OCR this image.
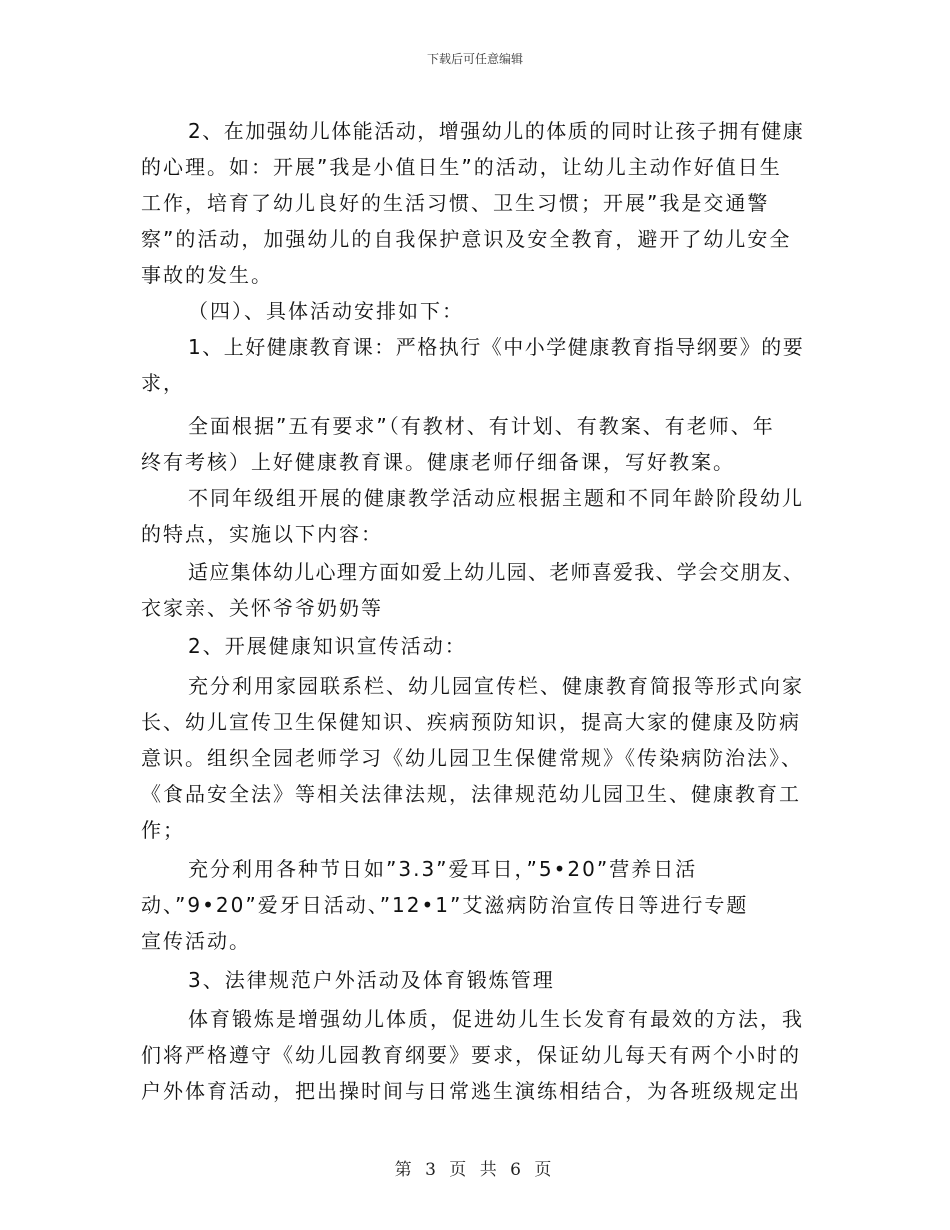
下载后可任意编辑
2、在加强幼儿体能活动，增强幼儿的体质的同时让孩子拥有健康
的心理。如：开展”我是小值日生”的活动，让幼儿主动作好值日生
工作，培育了幼儿良好的生活习惯、卫生习惯；开展”我是交通警
察”的活动，加强幼儿的自我保护意识及安全教育，避开了幼儿安全
事故的发生。
（四）、具体活动安排如下：
1、上好健康教育课：严格执行《中小学健康教育指导纲要》的要
求，
全面根据”五有要求”（有教材、有计划、有教案、有老师、年
终有考核）上好健康教育课。健康老师仔细备课，写好教案。
不同年级组开展的健康教学活动应根据主题和不同年龄阶段幼儿
的特点，实施以下内容：
适应集体幼儿心理方面如爱上幼儿园、老师喜爱我、学会交朋友、
衣家亲、关怀爷爷奶奶等
2、开展健康知识宣传活动：
充分利用家园联系栏、幼儿园宣传栏、健康教育简报等形式向家
长、幼儿宣传卫生保健知识、疾病预防知识，提高大家的健康及防病
意识。组织全园老师学习《幼儿园卫生保健常规》《传染病防治法》、
《食品安全法》等相关法律法规，法律规范幼儿园卫生、健康教育工
作；
充分利用各种节日如”3.3”爱耳日，”5•20”营养日活
动、”9•20”爱牙日活动、”12•1”艾滋病防治宣传日等进行专题
宣传活动。
3、法律规范户外活动及体育锻炼管理
体育锻炼是增强幼儿体质，促进幼儿生长发育有最效的方法，我
们将严格遵守《幼儿园教育纲要》要求，保证幼儿每天有两个小时的
户外体育活动，把出操时间与日常逃生演练相结合，为各班级规定出
第 3 页 共 6 页
